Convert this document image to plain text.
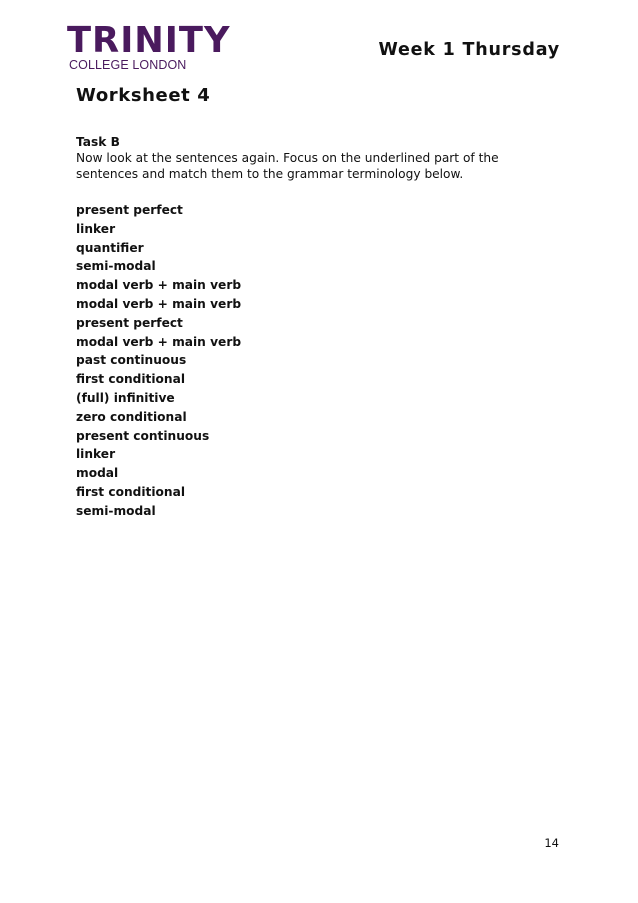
TRINITY
COLLEGE LONDON
Week 1 Thursday
Worksheet 4

Task B

Now look at the sentences again. Focus on the underlined part of the sentences and match them to the grammar terminology below.

present perfect
linker
quantifier
semi-modal
modal verb + main verb
modal verb + main verb
present perfect
modal verb + main verb
past continuous
first conditional
(full) infinitive
zero conditional
present continuous
linker
modal
first conditional
semi-modal
14
